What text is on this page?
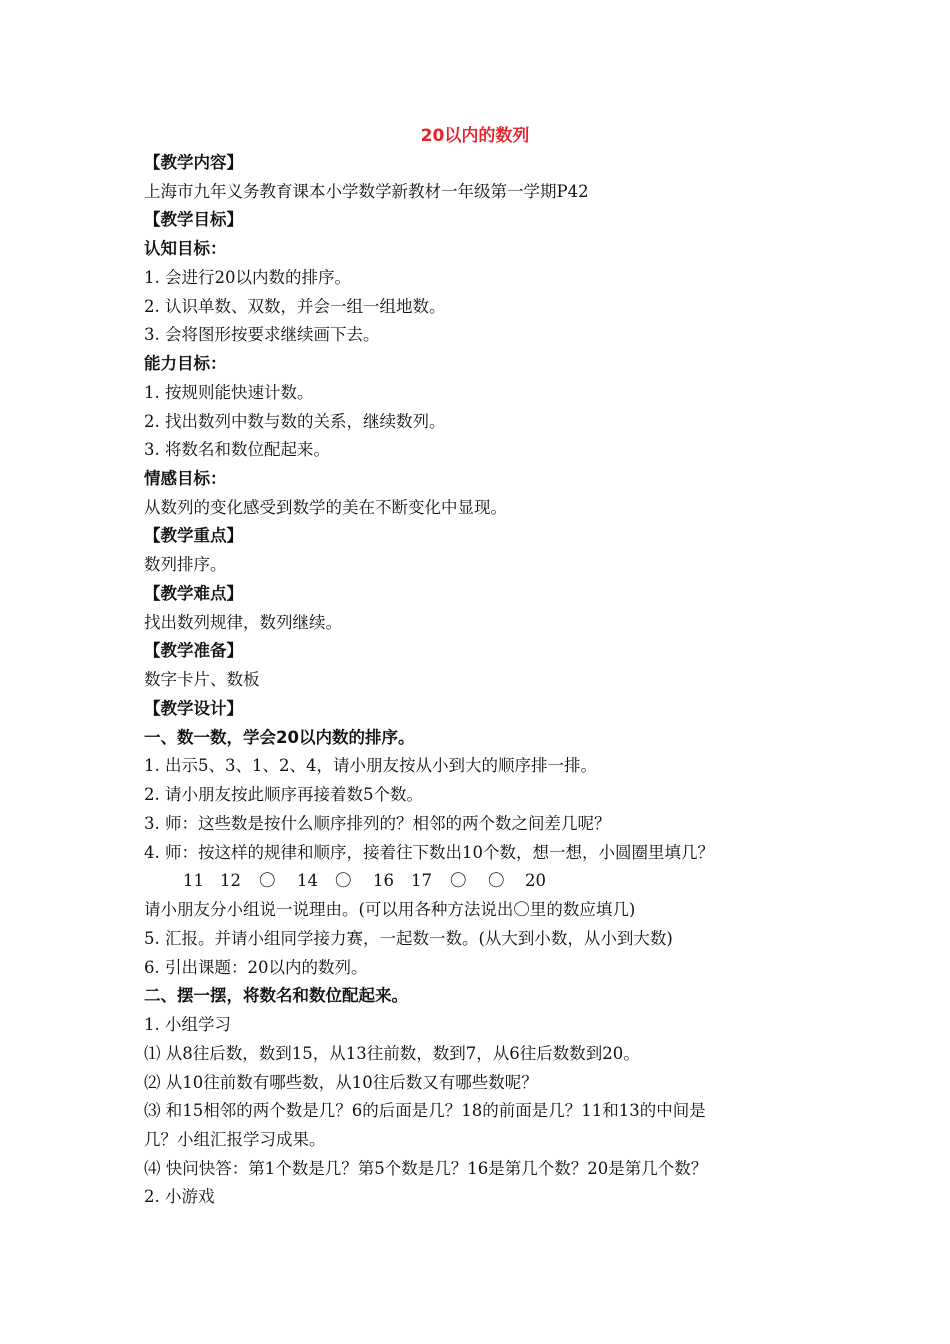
20以内的数列
【教学内容】
上海市九年义务教育课本小学数学新教材一年级第一学期P42
【教学目标】
认知目标：
1. 会进行20以内数的排序。
2. 认识单数、双数，并会一组一组地数。
3. 会将图形按要求继续画下去。
能力目标：
1. 按规则能快速计数。
2. 找出数列中数与数的关系，继续数列。
3. 将数名和数位配起来。
情感目标：
从数列的变化感受到数学的美在不断变化中显现。
【教学重点】
数列排序。
【教学难点】
找出数列规律，数列继续。
【教学准备】
数字卡片、数板
【教学设计】
一、数一数，学会20以内数的排序。
1. 出示5、3、1、2、4，请小朋友按从小到大的顺序排一排。
2. 请小朋友按此顺序再接着数5个数。
3. 师：这些数是按什么顺序排列的？相邻的两个数之间差几呢？
4. 师：按这样的规律和顺序，接着往下数出10个数，想一想，小圆圈里填几？
11 12 〇 14 〇 16 17 〇 〇 20
请小朋友分小组说一说理由。(可以用各种方法说出〇里的数应填几)
5. 汇报。并请小组同学接力赛，一起数一数。(从大到小数，从小到大数)
6. 引出课题：20以内的数列。
二、摆一摆，将数名和数位配起来。
1. 小组学习
⑴ 从8往后数，数到15，从13往前数，数到7，从6往后数数到20。
⑵ 从10往前数有哪些数，从10往后数又有哪些数呢？
⑶ 和15相邻的两个数是几？6的后面是几？18的前面是几？11和13的中间是
几？小组汇报学习成果。
⑷ 快问快答：第1个数是几？第5个数是几？16是第几个数？20是第几个数？
2. 小游戏
